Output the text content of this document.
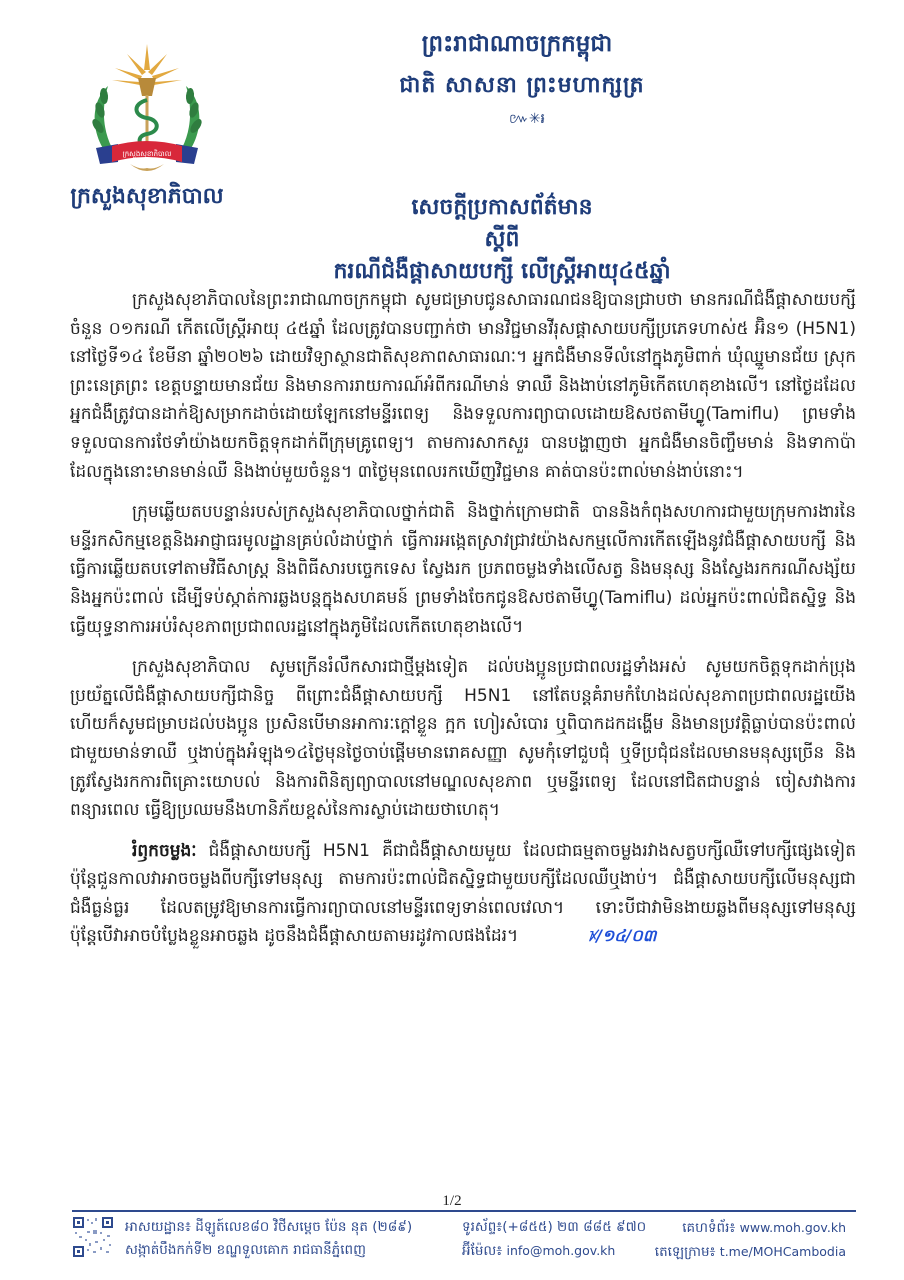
ក្រសួងសុខាភិបាល
ក្រសួងសុខាភិបាល
ព្រះរាជាណាចក្រកម្ពុជា
ជាតិ សាសនា ព្រះមហាក្សត្រ
៚✳៛
សេចក្តីប្រកាសព័ត៌មាន
ស្តីពី
ករណីជំងឺផ្តាសាយបក្សី លើស្ត្រីអាយុ៤៥ឆ្នាំ

ក្រសួងសុខាភិបាលនៃព្រះរាជាណាចក្រកម្ពុជា សូមជម្រាបជូនសាធារណជនឱ្យបានជ្រាបថា មានករណីជំងឺផ្តាសាយបក្សី ចំនួន ០១ករណី កើតលើស្ត្រីអាយុ ៤៥ឆ្នាំ ដែលត្រូវបានបញ្ជាក់ថា មានវិជ្ជមានវីរុសផ្តាសាយបក្សីប្រភេទហាស់៥ អ៊ិន១ (H5N1) នៅថ្ងៃទី១៤ ខែមីនា ឆ្នាំ២០២៦ ដោយវិទ្យាស្ថានជាតិសុខភាពសាធារណៈ។ អ្នកជំងឺមានទីលំនៅក្នុងភូមិពាក់ ឃុំឈ្នួមានជ័យ ស្រុកព្រះនេត្រព្រះ ខេត្តបន្ទាយមានជ័យ និងមានការរាយការណ៍អំពីករណីមាន់ ទាឈឺ និងងាប់នៅភូមិកើតហេតុខាងលើ។ នៅថ្ងៃដដែល អ្នកជំងឺត្រូវបានដាក់ឱ្យសម្រាកដាច់ដោយឡែកនៅមន្ទីរពេទ្យ និងទទួលការព្យាបាលដោយឱសថតាមីហ្វ្លូ(Tamiflu) ព្រមទាំងទទួលបានការថែទាំយ៉ាងយកចិត្តទុកដាក់ពីក្រុមគ្រូពេទ្យ។ តាមការសាកសួរ បានបង្ហាញថា អ្នកជំងឺមានចិញ្ចឹមមាន់ និងទាកាប៉ា ដែលក្នុងនោះមានមាន់ឈឺ និងងាប់មួយចំនួន។ ៣ថ្ងៃមុនពេលរកឃើញវិជ្ជមាន គាត់បានប៉ះពាល់មាន់ងាប់នោះ។

ក្រុមឆ្លើយតបបន្ទាន់របស់ក្រសួងសុខាភិបាលថ្នាក់ជាតិ និងថ្នាក់ក្រោមជាតិ បាននិងកំពុងសហការជាមួយក្រុមការងារនៃមន្ទីរកសិកម្មខេត្តនិងអាជ្ញាធរមូលដ្ឋានគ្រប់លំដាប់ថ្នាក់ ធ្វើការអង្កេតស្រាវជ្រាវយ៉ាងសកម្មលើការកើតឡើងនូវជំងឺផ្តាសាយបក្សី និងធ្វើការឆ្លើយតបទៅតាមវិធីសាស្ត្រ និងពិធីសារបច្ចេកទេស ស្វែងរក ប្រភពចម្លងទាំងលើសត្វ និងមនុស្ស និងស្វែងរកករណីសង្ស័យនិងអ្នកប៉ះពាល់ ដើម្បីទប់ស្កាត់ការឆ្លងបន្តក្នុងសហគមន៍ ព្រមទាំងចែកជូនឱសថតាមីហ្វ្លូ(Tamiflu) ដល់អ្នកប៉ះពាល់ជិតស្និទ្ធ និងធ្វើយុទ្ធនាការអប់រំសុខភាពប្រជាពលរដ្ឋនៅក្នុងភូមិដែលកើតហេតុខាងលើ។

ក្រសួងសុខាភិបាល សូមក្រើនរំលឹកសារជាថ្មីម្តងទៀត ដល់បងប្អូនប្រជាពលរដ្ឋទាំងអស់ សូមយកចិត្តទុកដាក់ប្រុងប្រយ័ត្នលើជំងឺផ្តាសាយបក្សីជានិច្ច ពីព្រោះជំងឺផ្តាសាយបក្សី H5N1 នៅតែបន្តគំរាមកំហែងដល់សុខភាពប្រជាពលរដ្ឋយើង ហើយក៏សូមជម្រាបដល់បងប្អូន ប្រសិនបើមានអាការៈក្តៅខ្លួន ក្អក ហៀរសំបោរ ឬពិបាកដកដង្ហើម និងមានប្រវត្តិធ្លាប់បានប៉ះពាល់ជាមួយមាន់ទាឈឺ ឬងាប់ក្នុងអំឡុង១៤ថ្ងៃមុនថ្ងៃចាប់ផ្តើមមានរោគសញ្ញា សូមកុំទៅជួបជុំ ឬទីប្រជុំជនដែលមានមនុស្សច្រើន និងត្រូវស្វែងរកការពិគ្រោះយោបល់ និងការពិនិត្យព្យាបាលនៅមណ្ឌលសុខភាព ឬមន្ទីរពេទ្យ ដែលនៅជិតជាបន្ទាន់ ចៀសវាងការពន្យារពេល ធ្វើឱ្យប្រឈមនឹងហានិភ័យខ្ពស់នៃការស្លាប់ដោយថាហេតុ។

រំឭកចម្លងៈ ជំងឺផ្តាសាយបក្សី H5N1 គឺជាជំងឺផ្តាសាយមួយ ដែលជាធម្មតាចម្លងរវាងសត្វបក្សីឈឺទៅបក្សីផ្សេងទៀត ប៉ុន្តែជួនកាលវាអាចចម្លងពីបក្សីទៅមនុស្ស តាមការប៉ះពាល់ជិតស្និទ្ធជាមួយបក្សីដែលឈឺឬងាប់។ ជំងឺផ្តាសាយបក្សីលើមនុស្សជាជំងឺធ្ងន់ធ្ងរ ដែលតម្រូវឱ្យមានការធ្វើការព្យាបាលនៅមន្ទីរពេទ្យទាន់ពេលវេលា។ ទោះបីជាវាមិនងាយឆ្លងពីមនុស្សទៅមនុស្ស ប៉ុន្តែបើវាអាចបំប្លែងខ្លួនអាចឆ្លង ដូចនឹងជំងឺផ្តាសាយតាមរដូវកាលផងដែរ។	ᜫ/១៤/០៣

1/2
អាសយដ្ឋាន៖ ដីឡូត៍លេខ៨០ វិថីសម្តេច ប៉ែន នុត (២៨៩)
សង្កាត់បឹងកក់ទី២ ខណ្ឌទួលគោក រាជធានីភ្នំពេញ
ទូរស័ព្ទ៖(+៨៥៥) ២៣ ៨៨៥ ៩៧០
អ៊ីម៉ែល៖ info@moh.gov.kh
គេហទំព័រ៖ www.moh.gov.kh
តេឡេក្រាម៖ t.me/MOHCambodia
